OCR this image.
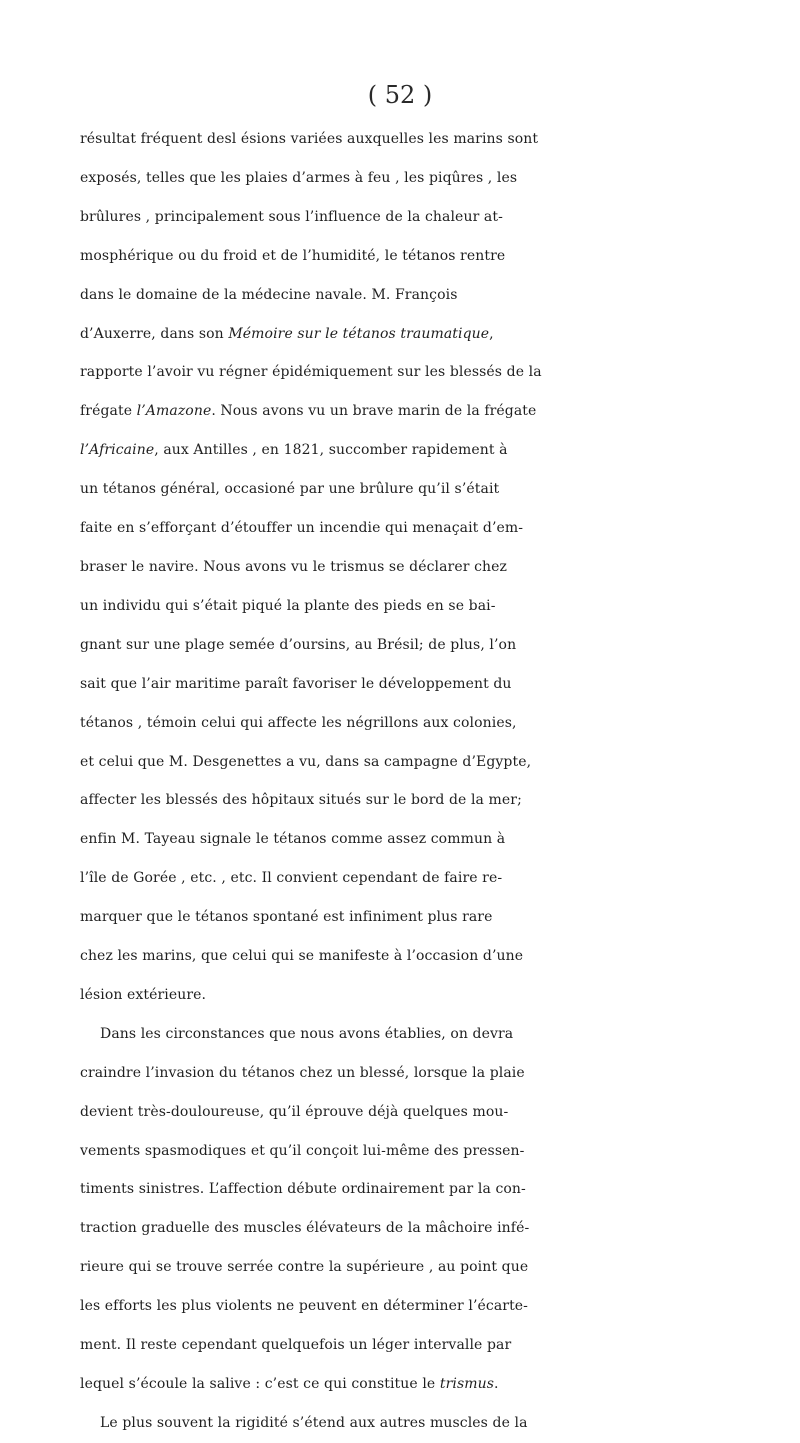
( 52 )
résultat fréquent desl ésions variées auxquelles les marins sont
exposés, telles que les plaies d’armes à feu , les piqûres , les
brûlures , principalement sous l’influence de la chaleur at-
mosphérique ou du froid et de l’humidité, le tétanos rentre
dans le domaine de la médecine navale. M. François
d’Auxerre, dans son Mémoire sur le tétanos traumatique,
rapporte l’avoir vu régner épidémiquement sur les blessés de la
frégate l’Amazone. Nous avons vu un brave marin de la frégate
l’Africaine, aux Antilles , en 1821, succomber rapidement à
un tétanos général, occasioné par une brûlure qu’il s’était
faite en s’efforçant d’étouffer un incendie qui menaçait d’em-
braser le navire. Nous avons vu le trismus se déclarer chez
un individu qui s’était piqué la plante des pieds en se bai-
gnant sur une plage semée d’oursins, au Brésil; de plus, l’on
sait que l’air maritime paraît favoriser le développement du
tétanos , témoin celui qui affecte les négrillons aux colonies,
et celui que M. Desgenettes a vu, dans sa campagne d’Egypte,
affecter les blessés des hôpitaux situés sur le bord de la mer;
enfin M. Tayeau signale le tétanos comme assez commun à
l’île de Gorée , etc. , etc. Il convient cependant de faire re-
marquer que le tétanos spontané est infiniment plus rare
chez les marins, que celui qui se manifeste à l’occasion d’une
lésion extérieure.
Dans les circonstances que nous avons établies, on devra
craindre l’invasion du tétanos chez un blessé, lorsque la plaie
devient très-douloureuse, qu’il éprouve déjà quelques mou-
vements spasmodiques et qu’il conçoit lui-même des pressen-
timents sinistres. L’affection débute ordinairement par la con-
traction graduelle des muscles élévateurs de la mâchoire infé-
rieure qui se trouve serrée contre la supérieure , au point que
les efforts les plus violents ne peuvent en déterminer l’écarte-
ment. Il reste cependant quelquefois un léger intervalle par
lequel s’écoule la salive : c’est ce qui constitue le trismus.
Le plus souvent la rigidité s’étend aux autres muscles de la
